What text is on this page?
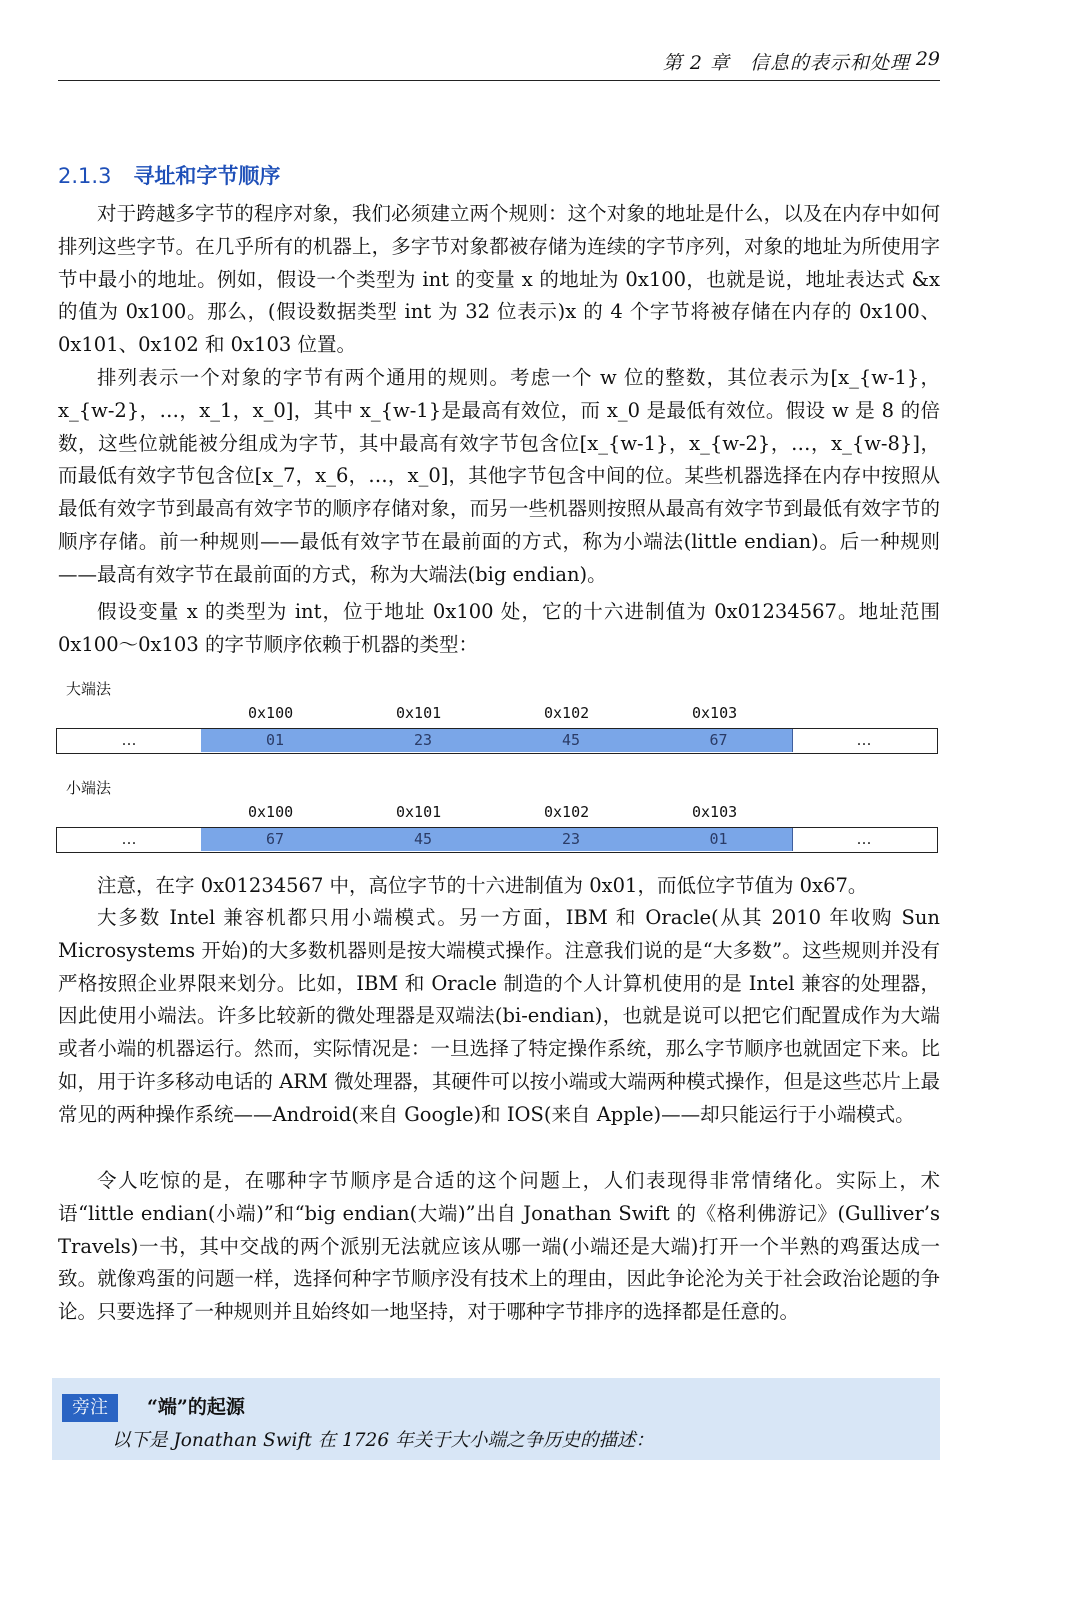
第 2 章　信息的表示和处理 29
2.1.3 寻址和字节顺序

对于跨越多字节的程序对象，我们必须建立两个规则：这个对象的地址是什么，以及在内存中如何排列这些字节。在几乎所有的机器上，多字节对象都被存储为连续的字节序列，对象的地址为所使用字节中最小的地址。例如，假设一个类型为 int 的变量 x 的地址为 0x100，也就是说，地址表达式 &x 的值为 0x100。那么，(假设数据类型 int 为 32 位表示)x 的 4 个字节将被存储在内存的 0x100、0x101、0x102 和 0x103 位置。

排列表示一个对象的字节有两个通用的规则。考虑一个 w 位的整数，其位表示为[x_{w-1}，x_{w-2}，…，x_1，x_0]，其中 x_{w-1}是最高有效位，而 x_0 是最低有效位。假设 w 是 8 的倍数，这些位就能被分组成为字节，其中最高有效字节包含位[x_{w-1}，x_{w-2}，…，x_{w-8}]，而最低有效字节包含位[x_7，x_6，…，x_0]，其他字节包含中间的位。某些机器选择在内存中按照从最低有效字节到最高有效字节的顺序存储对象，而另一些机器则按照从最高有效字节到最低有效字节的顺序存储。前一种规则——最低有效字节在最前面的方式，称为小端法(little endian)。后一种规则——最高有效字节在最前面的方式，称为大端法(big endian)。

假设变量 x 的类型为 int，位于地址 0x100 处，它的十六进制值为 0x01234567。地址范围 0x100～0x103 的字节顺序依赖于机器的类型：

大端法
0x100	0x101	0x102	0x103
…	01	23	45	67	…
小端法
0x100	0x101	0x102	0x103
…	67	45	23	01	…

注意，在字 0x01234567 中，高位字节的十六进制值为 0x01，而低位字节值为 0x67。

大多数 Intel 兼容机都只用小端模式。另一方面，IBM 和 Oracle(从其 2010 年收购 Sun Microsystems 开始)的大多数机器则是按大端模式操作。注意我们说的是“大多数”。这些规则并没有严格按照企业界限来划分。比如，IBM 和 Oracle 制造的个人计算机使用的是 Intel 兼容的处理器，因此使用小端法。许多比较新的微处理器是双端法(bi-endian)，也就是说可以把它们配置成作为大端或者小端的机器运行。然而，实际情况是：一旦选择了特定操作系统，那么字节顺序也就固定下来。比如，用于许多移动电话的 ARM 微处理器，其硬件可以按小端或大端两种模式操作，但是这些芯片上最常见的两种操作系统——Android(来自 Google)和 IOS(来自 Apple)——却只能运行于小端模式。

令人吃惊的是，在哪种字节顺序是合适的这个问题上，人们表现得非常情绪化。实际上，术语“little endian(小端)”和“big endian(大端)”出自 Jonathan Swift 的《格利佛游记》(Gulliver’s Travels)一书，其中交战的两个派别无法就应该从哪一端(小端还是大端)打开一个半熟的鸡蛋达成一致。就像鸡蛋的问题一样，选择何种字节顺序没有技术上的理由，因此争论沦为关于社会政治论题的争论。只要选择了一种规则并且始终如一地坚持，对于哪种字节排序的选择都是任意的。

旁注	“端”的起源
以下是 Jonathan Swift 在 1726 年关于大小端之争历史的描述：
